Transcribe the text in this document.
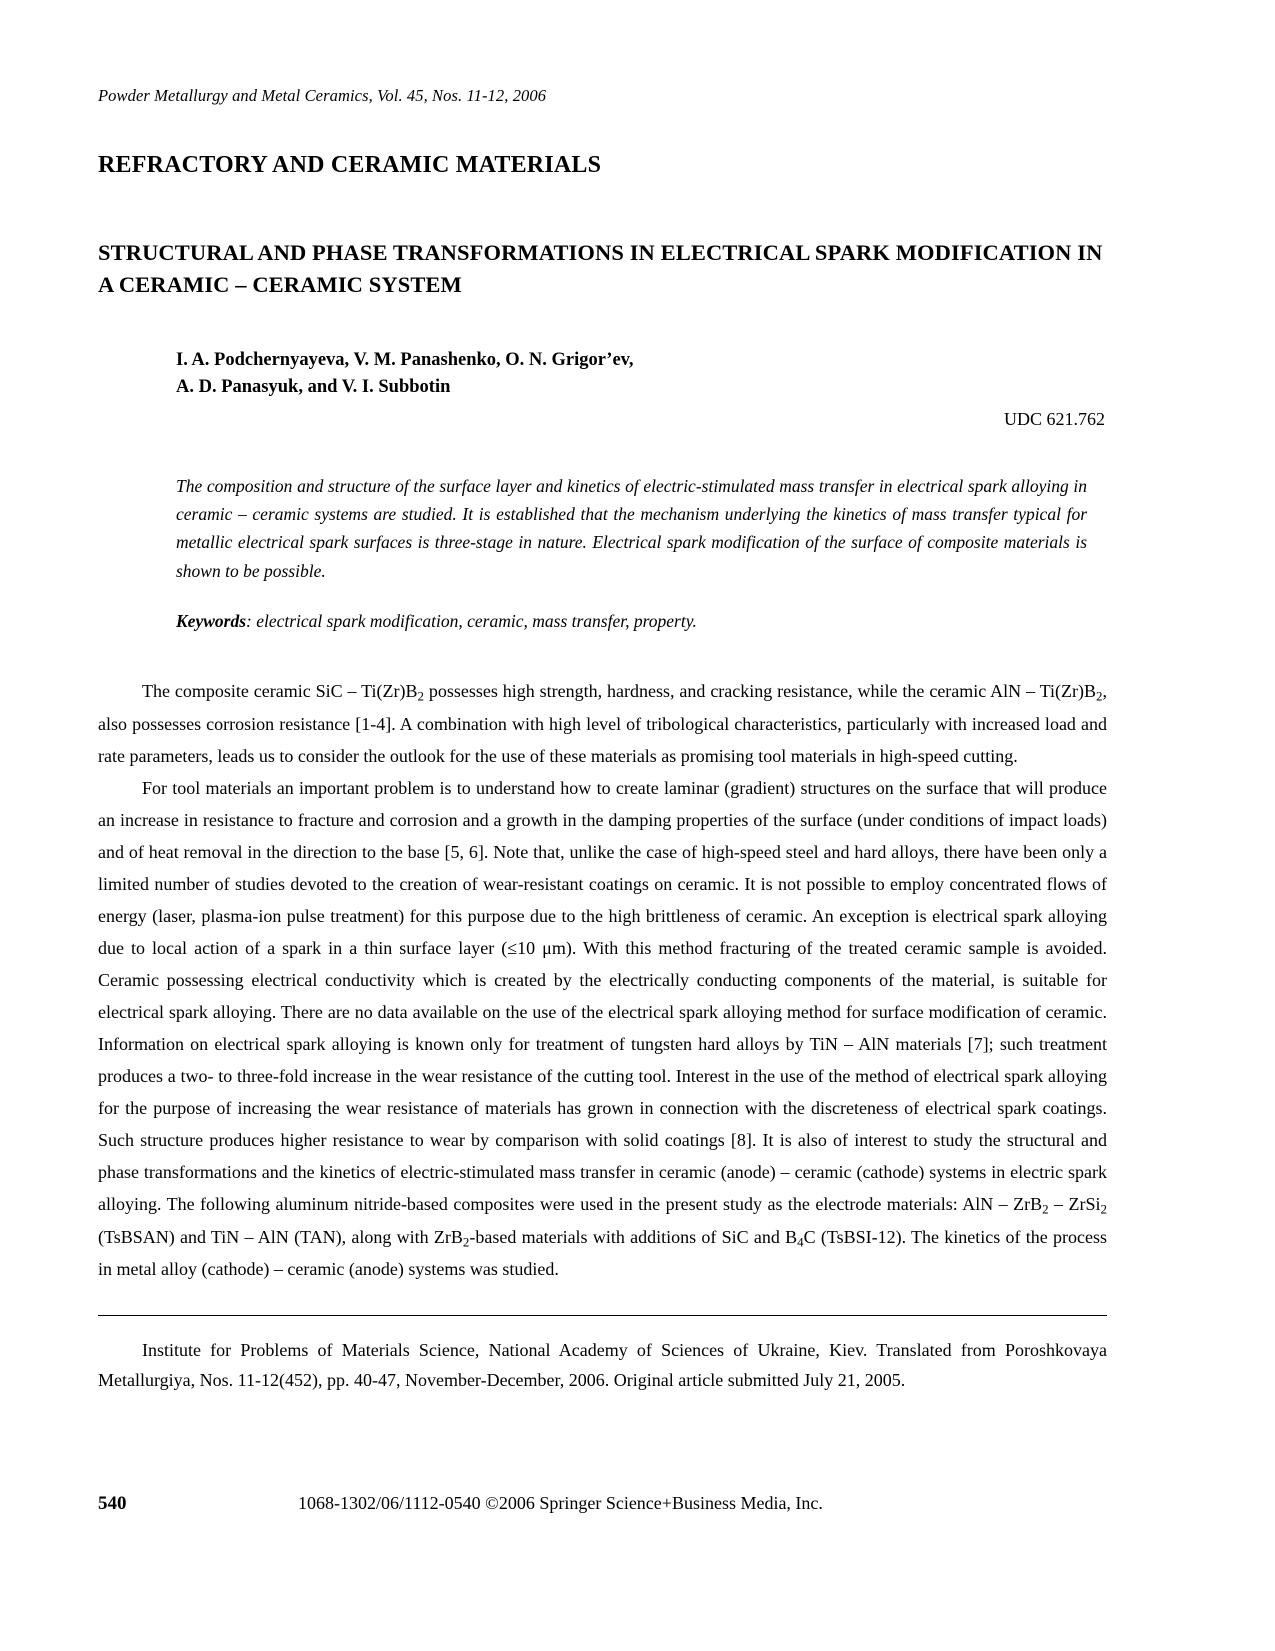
Powder Metallurgy and Metal Ceramics, Vol. 45, Nos. 11-12, 2006
REFRACTORY AND CERAMIC MATERIALS
STRUCTURAL AND PHASE TRANSFORMATIONS IN ELECTRICAL SPARK MODIFICATION IN A CERAMIC – CERAMIC SYSTEM
I. A. Podchernyayeva, V. M. Panashenko, O. N. Grigor’ev,
A. D. Panasyuk, and V. I. Subbotin
UDC 621.762
The composition and structure of the surface layer and kinetics of electric-stimulated mass transfer in electrical spark alloying in ceramic – ceramic systems are studied. It is established that the mechanism underlying the kinetics of mass transfer typical for metallic electrical spark surfaces is three-stage in nature. Electrical spark modification of the surface of composite materials is shown to be possible.
Keywords: electrical spark modification, ceramic, mass transfer, property.

The composite ceramic SiC – $Ti(Zr)B_2$ possesses high strength, hardness, and cracking resistance, while the ceramic AlN – $Ti(Zr)B_2$, also possesses corrosion resistance [1-4]. A combination with high level of tribological characteristics, particularly with increased load and rate parameters, leads us to consider the outlook for the use of these materials as promising tool materials in high-speed cutting.

For tool materials an important problem is to understand how to create laminar (gradient) structures on the surface that will produce an increase in resistance to fracture and corrosion and a growth in the damping properties of the surface (under conditions of impact loads) and of heat removal in the direction to the base [5, 6]. Note that, unlike the case of high-speed steel and hard alloys, there have been only a limited number of studies devoted to the creation of wear-resistant coatings on ceramic. It is not possible to employ concentrated flows of energy (laser, plasma-ion pulse treatment) for this purpose due to the high brittleness of ceramic. An exception is electrical spark alloying due to local action of a spark in a thin surface layer (≤10 μm). With this method fracturing of the treated ceramic sample is avoided. Ceramic possessing electrical conductivity which is created by the electrically conducting components of the material, is suitable for electrical spark alloying. There are no data available on the use of the electrical spark alloying method for surface modification of ceramic. Information on electrical spark alloying is known only for treatment of tungsten hard alloys by TiN – AlN materials [7]; such treatment produces a two- to three-fold increase in the wear resistance of the cutting tool. Interest in the use of the method of electrical spark alloying for the purpose of increasing the wear resistance of materials has grown in connection with the discreteness of electrical spark coatings. Such structure produces higher resistance to wear by comparison with solid coatings [8]. It is also of interest to study the structural and phase transformations and the kinetics of electric-stimulated mass transfer in ceramic (anode) – ceramic (cathode) systems in electric spark alloying. The following aluminum nitride-based composites were used in the present study as the electrode materials: AlN – ZrB$_2$ – ZrSi$_2$ (TsBSAN) and TiN – AlN (TAN), along with ZrB$_2$-based materials with additions of SiC and $B_4C$ (TsBSI-12). The kinetics of the process in metal alloy (cathode) – ceramic (anode) systems was studied.

Institute for Problems of Materials Science, National Academy of Sciences of Ukraine, Kiev. Translated from Poroshkovaya Metallurgiya, Nos. 11-12(452), pp. 40-47, November-December, 2006. Original article submitted July 21, 2005.
540	1068-1302/06/1112-0540 ©2006 Springer Science+Business Media, Inc.
